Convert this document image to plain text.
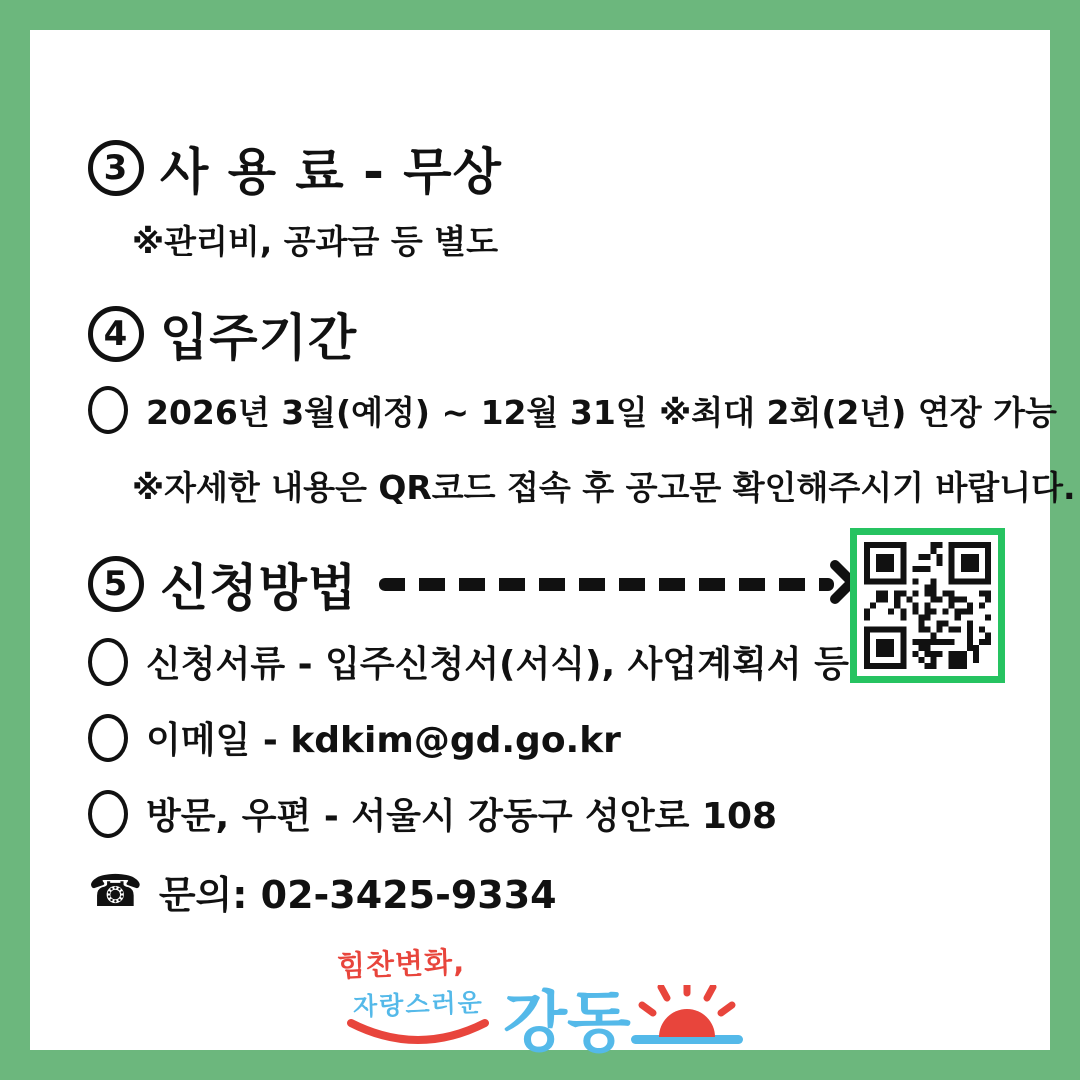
3 사 용 료 - 무상
※관리비, 공과금 등 별도
4 입주기간
2026년 3월(예정) ~ 12월 31일 ※최대 2회(2년) 연장 가능
※자세한 내용은 QR코드 접속 후 공고문 확인해주시기 바랍니다.
5 신청방법
신청서류 - 입주신청서(서식), 사업계획서 등
이메일 - kdkim@gd.go.kr
방문, 우편 - 서울시 강동구 성안로 108
☎ 문의: 02-3425-9334
힘찬변화,
자랑스러운 강동
